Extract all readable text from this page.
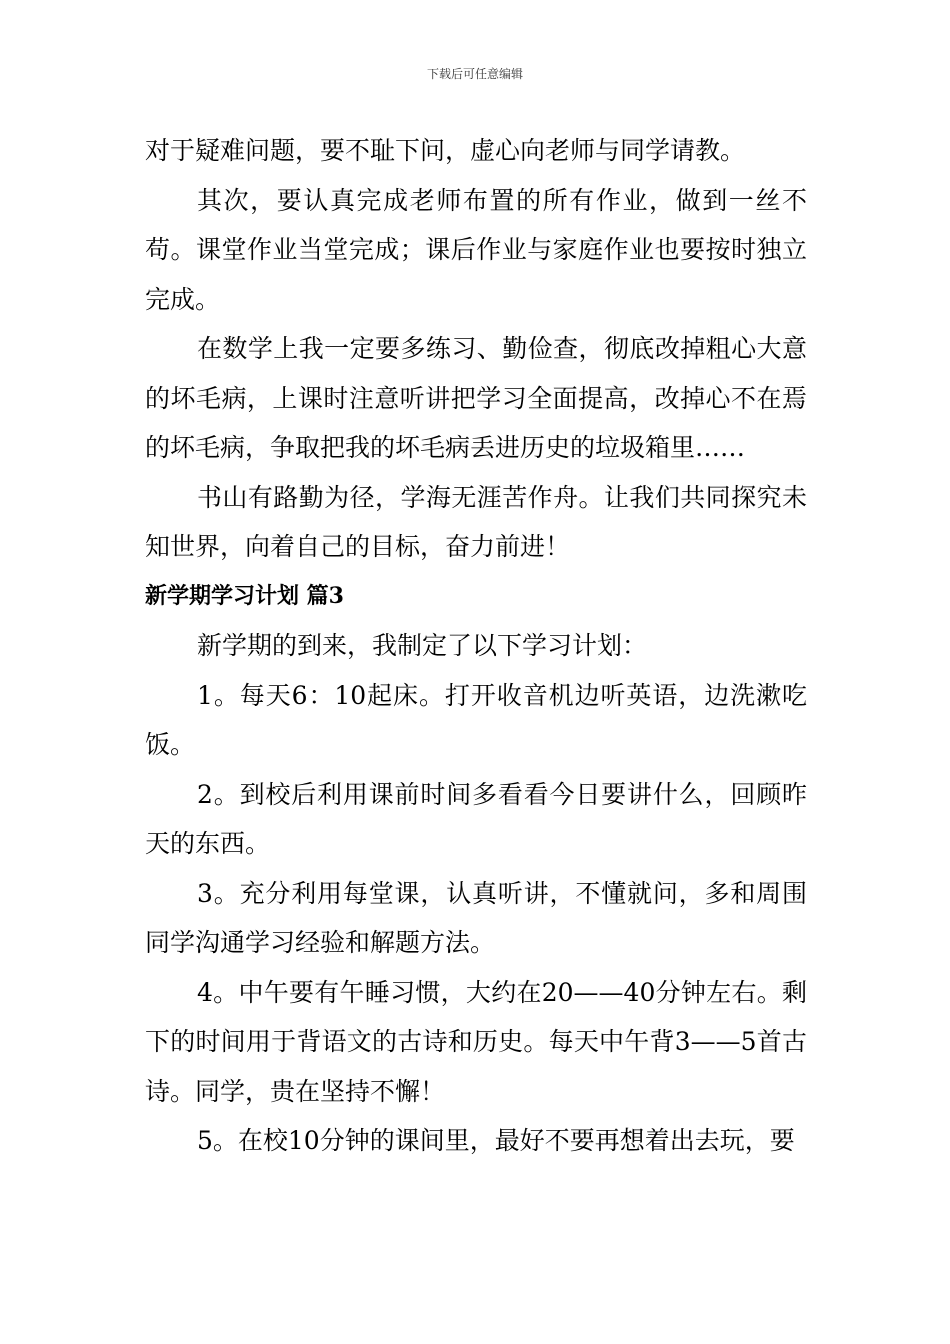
下载后可任意编辑

对于疑难问题，要不耻下问，虚心向老师与同学请教。

其次，要认真完成老师布置的所有作业，做到一丝不苟。课堂作业当堂完成；课后作业与家庭作业也要按时独立完成。

在数学上我一定要多练习、勤俭查，彻底改掉粗心大意的坏毛病，上课时注意听讲把学习全面提高，改掉心不在焉的坏毛病，争取把我的坏毛病丢进历史的垃圾箱里……

书山有路勤为径，学海无涯苦作舟。让我们共同探究未知世界，向着自己的目标，奋力前进！

新学期学习计划 篇3

新学期的到来，我制定了以下学习计划：

1。每天6：10起床。打开收音机边听英语，边洗漱吃饭。

2。到校后利用课前时间多看看今日要讲什么，回顾昨天的东西。

3。充分利用每堂课，认真听讲，不懂就问，多和周围同学沟通学习经验和解题方法。

4。中午要有午睡习惯，大约在20——40分钟左右。剩下的时间用于背语文的古诗和历史。每天中午背3——5首古诗。同学，贵在坚持不懈！

5。在校10分钟的课间里，最好不要再想着出去玩，要
